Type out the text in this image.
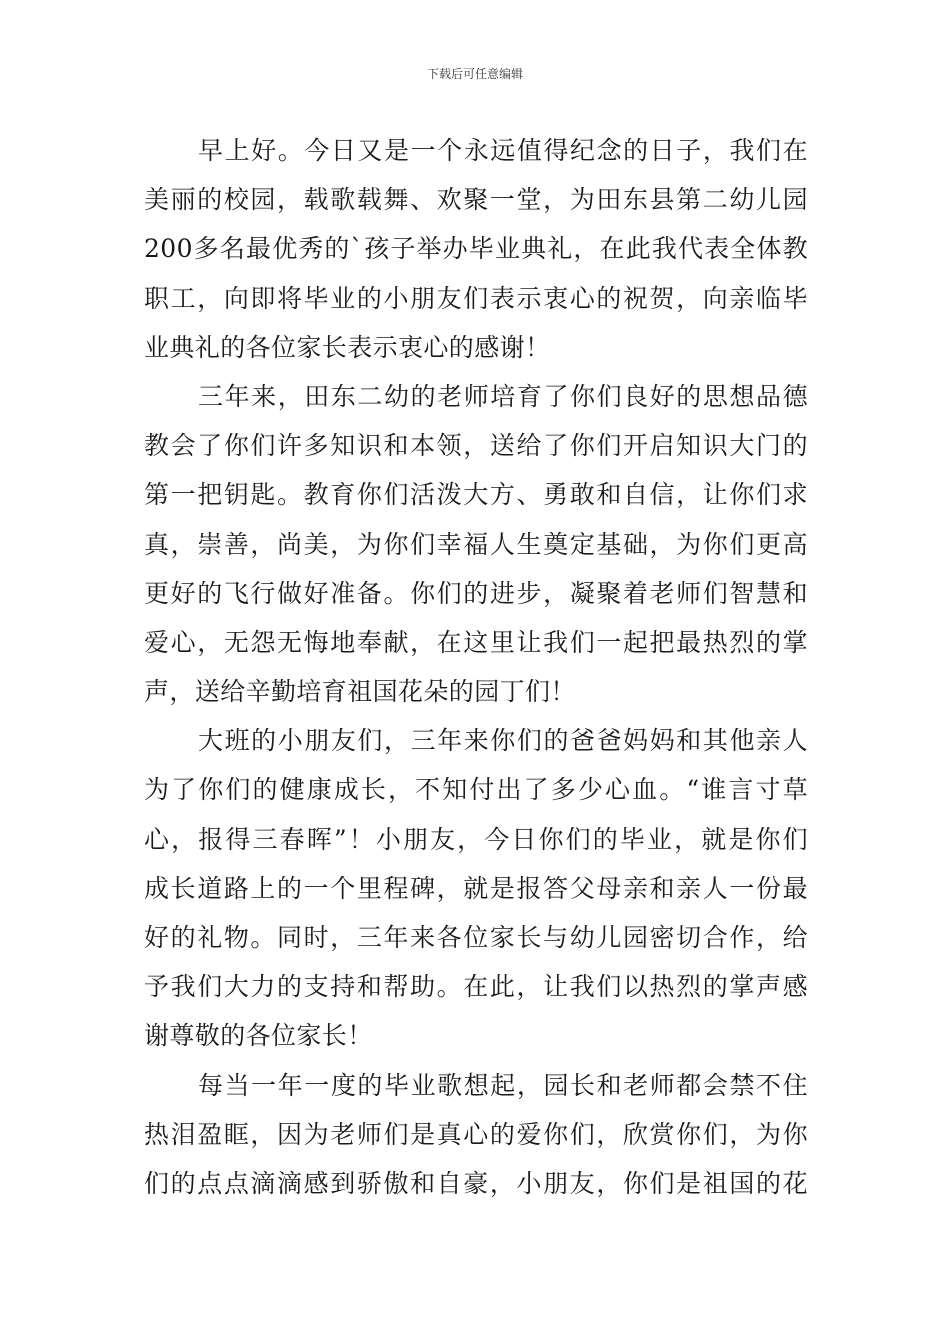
下载后可任意编辑
早上好。今日又是一个永远值得纪念的日子，我们在
美丽的校园，载歌载舞、欢聚一堂，为田东县第二幼儿园
200多名最优秀的`孩子举办毕业典礼，在此我代表全体教
职工，向即将毕业的小朋友们表示衷心的祝贺，向亲临毕
业典礼的各位家长表示衷心的感谢！
三年来，田东二幼的老师培育了你们良好的思想品德
教会了你们许多知识和本领，送给了你们开启知识大门的
第一把钥匙。教育你们活泼大方、勇敢和自信，让你们求
真，崇善，尚美，为你们幸福人生奠定基础，为你们更高
更好的飞行做好准备。你们的进步，凝聚着老师们智慧和
爱心，无怨无悔地奉献，在这里让我们一起把最热烈的掌
声，送给辛勤培育祖国花朵的园丁们！
大班的小朋友们，三年来你们的爸爸妈妈和其他亲人
为了你们的健康成长，不知付出了多少心血。“谁言寸草
心，报得三春晖”！小朋友，今日你们的毕业，就是你们
成长道路上的一个里程碑，就是报答父母亲和亲人一份最
好的礼物。同时，三年来各位家长与幼儿园密切合作，给
予我们大力的支持和帮助。在此，让我们以热烈的掌声感
谢尊敬的各位家长！
每当一年一度的毕业歌想起，园长和老师都会禁不住
热泪盈眶，因为老师们是真心的爱你们，欣赏你们，为你
们的点点滴滴感到骄傲和自豪，小朋友，你们是祖国的花
